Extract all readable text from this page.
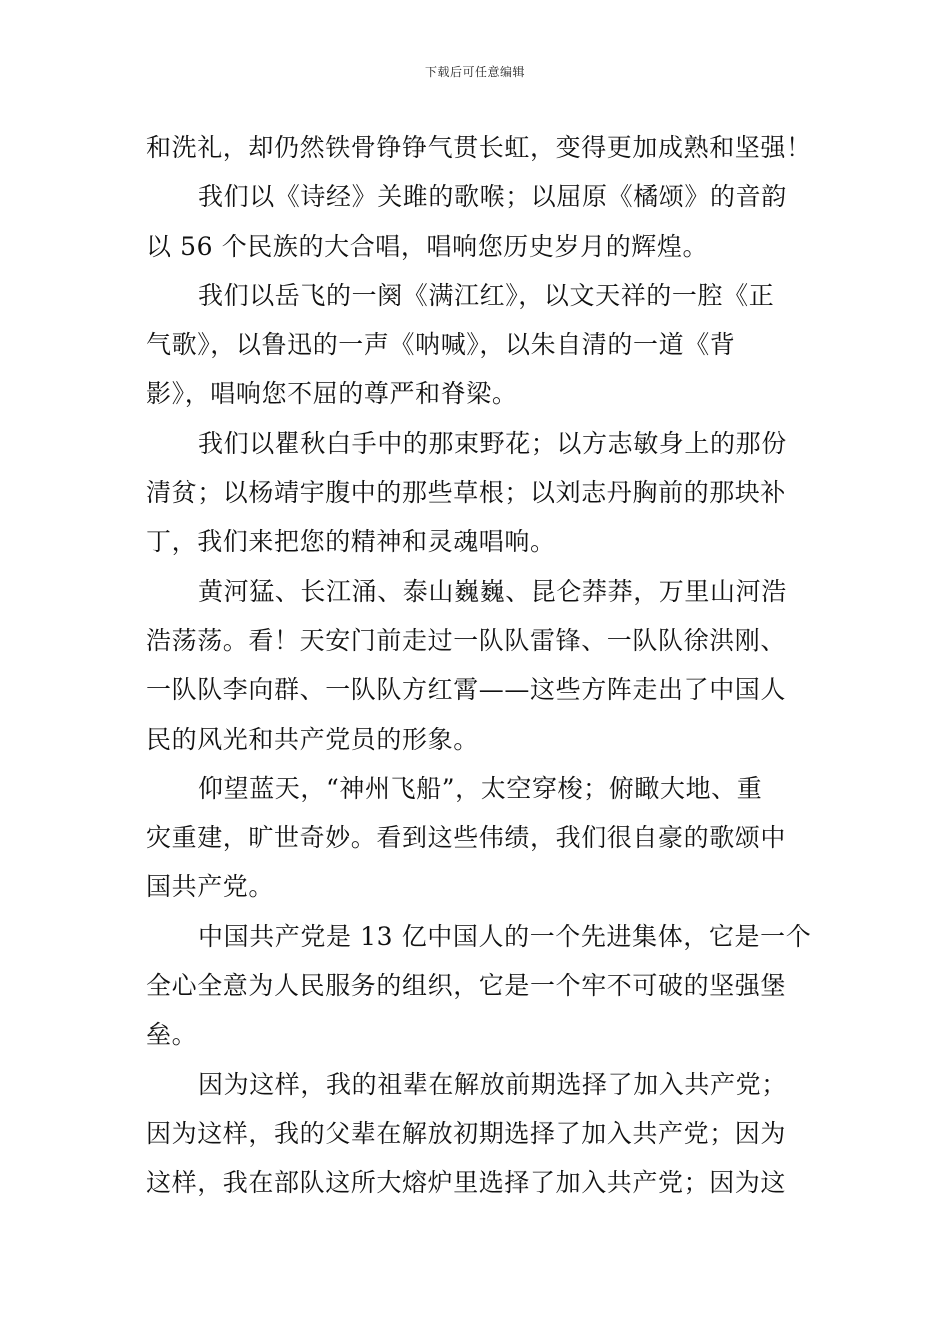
下载后可任意编辑
和洗礼，却仍然铁骨铮铮气贯长虹，变得更加成熟和坚强！
我们以《诗经》关雎的歌喉；以屈原《橘颂》的音韵
以 56 个民族的大合唱，唱响您历史岁月的辉煌。
我们以岳飞的一阕《满江红》，以文天祥的一腔《正
气歌》，以鲁迅的一声《呐喊》，以朱自清的一道《背
影》，唱响您不屈的尊严和脊梁。
我们以瞿秋白手中的那束野花；以方志敏身上的那份
清贫；以杨靖宇腹中的那些草根；以刘志丹胸前的那块补
丁，我们来把您的精神和灵魂唱响。
黄河猛、长江涌、泰山巍巍、昆仑莽莽，万里山河浩
浩荡荡。看！天安门前走过一队队雷锋、一队队徐洪刚、
一队队李向群、一队队方红霄——这些方阵走出了中国人
民的风光和共产党员的形象。
仰望蓝天，“神州飞船”，太空穿梭；俯瞰大地、重
灾重建，旷世奇妙。看到这些伟绩，我们很自豪的歌颂中
国共产党。
中国共产党是 13 亿中国人的一个先进集体，它是一个
全心全意为人民服务的组织，它是一个牢不可破的坚强堡
垒。
因为这样，我的祖辈在解放前期选择了加入共产党；
因为这样，我的父辈在解放初期选择了加入共产党；因为
这样，我在部队这所大熔炉里选择了加入共产党；因为这
